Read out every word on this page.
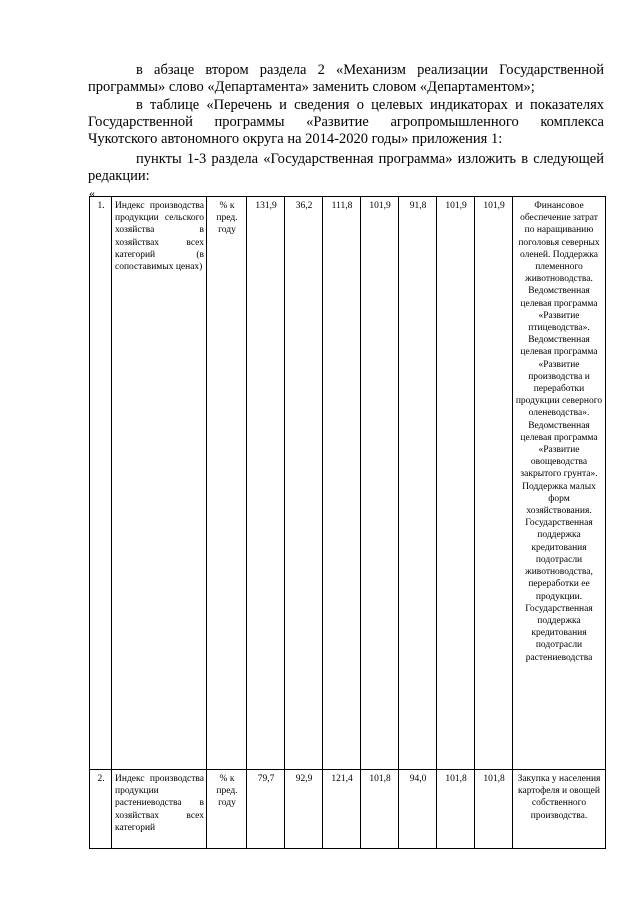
в абзаце втором раздела 2 «Механизм реализации Государственной программы» слово «Департамента» заменить словом «Департаментом»;

в таблице «Перечень и сведения о целевых индикаторах и показателях Государственной программы «Развитие агропромышленного комплекса Чукотского автономного округа на 2014-2020 годы» приложения 1:

пункты 1-3 раздела «Государственная программа» изложить в следующей редакции:

«
1.	Индекс производства продукции сельского хозяйства в хозяйствах всех категорий (в сопоставимых ценах)	% к пред. году	131,9	36,2	111,8	101,9	91,8	101,9	101,9	Финансовое обеспечение затрат по наращиванию поголовья северных оленей. Поддержка племенного животноводства. Ведомственная целевая программа «Развитие птицеводства». Ведомственная целевая программа «Развитие производства и переработки продукции северного оленеводства». Ведомственная целевая программа «Развитие овощеводства закрытого грунта». Поддержка малых форм хозяйствования. Государственная поддержка кредитования подотрасли животноводства, переработки ее продукции. Государственная поддержка кредитования подотрасли растениеводства
2.	Индекс производства продукции растениеводства в хозяйствах всех категорий	% к пред. году	79,7	92,9	121,4	101,8	94,0	101,8	101,8	Закупка у населения картофеля и овощей собственного производства.
